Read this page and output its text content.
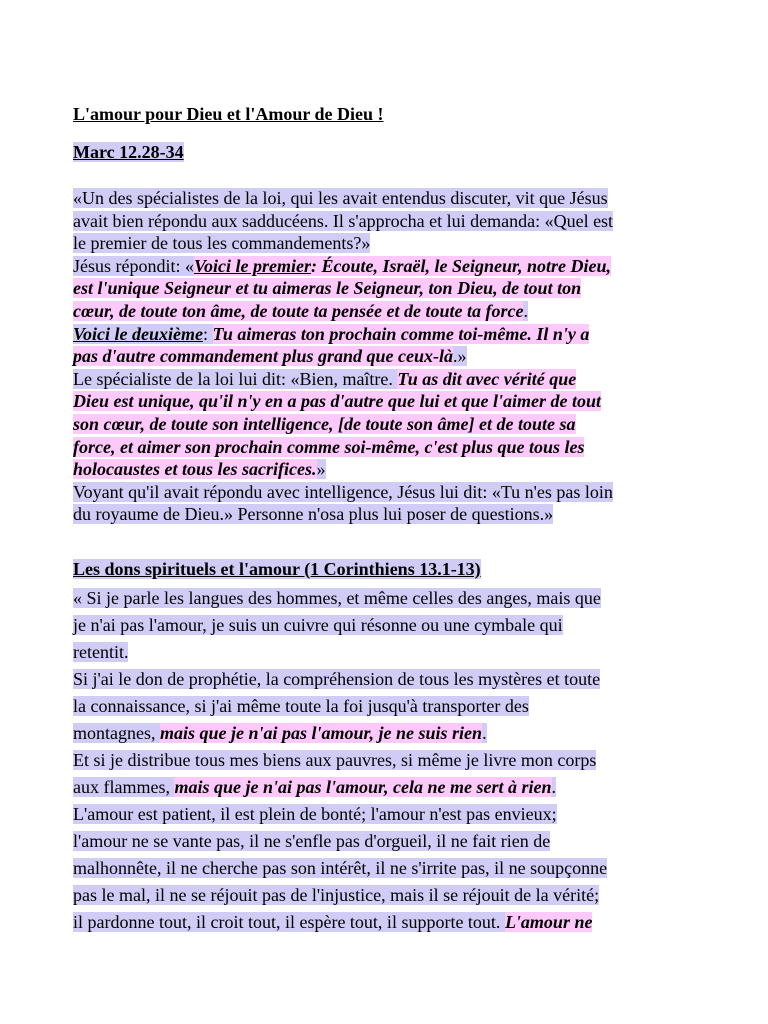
L'amour pour Dieu et l'Amour de Dieu !
Marc 12.28-34
«Un des spécialistes de la loi, qui les avait entendus discuter, vit que Jésus
avait bien répondu aux sadducéens. Il s'approcha et lui demanda: «Quel est
le premier de tous les commandements?»
Jésus répondit: «Voici le premier: Écoute, Israël, le Seigneur, notre Dieu,
est l'unique Seigneur et tu aimeras le Seigneur, ton Dieu, de tout ton
cœur, de toute ton âme, de toute ta pensée et de toute ta force.
Voici le deuxième: Tu aimeras ton prochain comme toi-même. Il n'y a
pas d'autre commandement plus grand que ceux-là.»
Le spécialiste de la loi lui dit: «Bien, maître. Tu as dit avec vérité que
Dieu est unique, qu'il n'y en a pas d'autre que lui et que l'aimer de tout
son cœur, de toute son intelligence, [de toute son âme] et de toute sa
force, et aimer son prochain comme soi-même, c'est plus que tous les
holocaustes et tous les sacrifices.»
Voyant qu'il avait répondu avec intelligence, Jésus lui dit: «Tu n'es pas loin
du royaume de Dieu.» Personne n'osa plus lui poser de questions.»
Les dons spirituels et l'amour (1 Corinthiens 13.1-13)
« Si je parle les langues des hommes, et même celles des anges, mais que
je n'ai pas l'amour, je suis un cuivre qui résonne ou une cymbale qui
retentit.
Si j'ai le don de prophétie, la compréhension de tous les mystères et toute
la connaissance, si j'ai même toute la foi jusqu'à transporter des
montagnes, mais que je n'ai pas l'amour, je ne suis rien.
Et si je distribue tous mes biens aux pauvres, si même je livre mon corps
aux flammes, mais que je n'ai pas l'amour, cela ne me sert à rien.
L'amour est patient, il est plein de bonté; l'amour n'est pas envieux;
l'amour ne se vante pas, il ne s'enfle pas d'orgueil, il ne fait rien de
malhonnête, il ne cherche pas son intérêt, il ne s'irrite pas, il ne soupçonne
pas le mal, il ne se réjouit pas de l'injustice, mais il se réjouit de la vérité;
il pardonne tout, il croit tout, il espère tout, il supporte tout. L'amour ne
